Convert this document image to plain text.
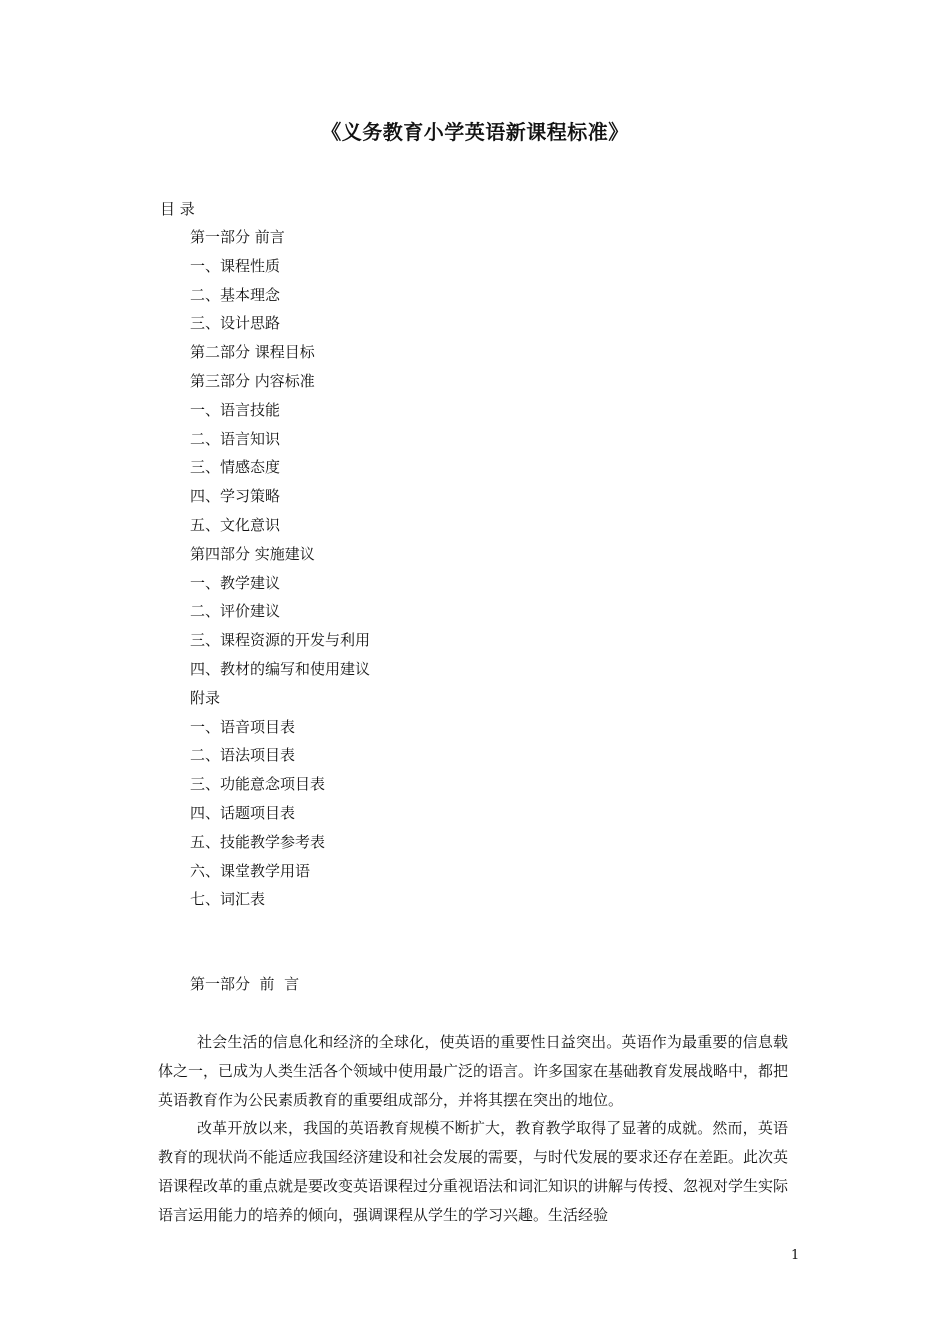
《义务教育小学英语新课程标准》
目 录
第一部分 前言
一、课程性质
二、基本理念
三、设计思路
第二部分 课程目标
第三部分 内容标准
一、语言技能
二、语言知识
三、情感态度
四、学习策略
五、文化意识
第四部分 实施建议
一、教学建议
二、评价建议
三、课程资源的开发与利用
四、教材的编写和使用建议
附录
一、语音项目表
二、语法项目表
三、功能意念项目表
四、话题项目表
五、技能教学参考表
六、课堂教学用语
七、词汇表
第一部分  前  言

社会生活的信息化和经济的全球化，使英语的重要性日益突出。英语作为最重要的信息载体之一，已成为人类生活各个领域中使用最广泛的语言。许多国家在基础教育发展战略中，都把英语教育作为公民素质教育的重要组成部分，并将其摆在突出的地位。

改革开放以来，我国的英语教育规模不断扩大，教育教学取得了显著的成就。然而，英语教育的现状尚不能适应我国经济建设和社会发展的需要，与时代发展的要求还存在差距。此次英语课程改革的重点就是要改变英语课程过分重视语法和词汇知识的讲解与传授、忽视对学生实际语言运用能力的培养的倾向，强调课程从学生的学习兴趣。生活经验

1
